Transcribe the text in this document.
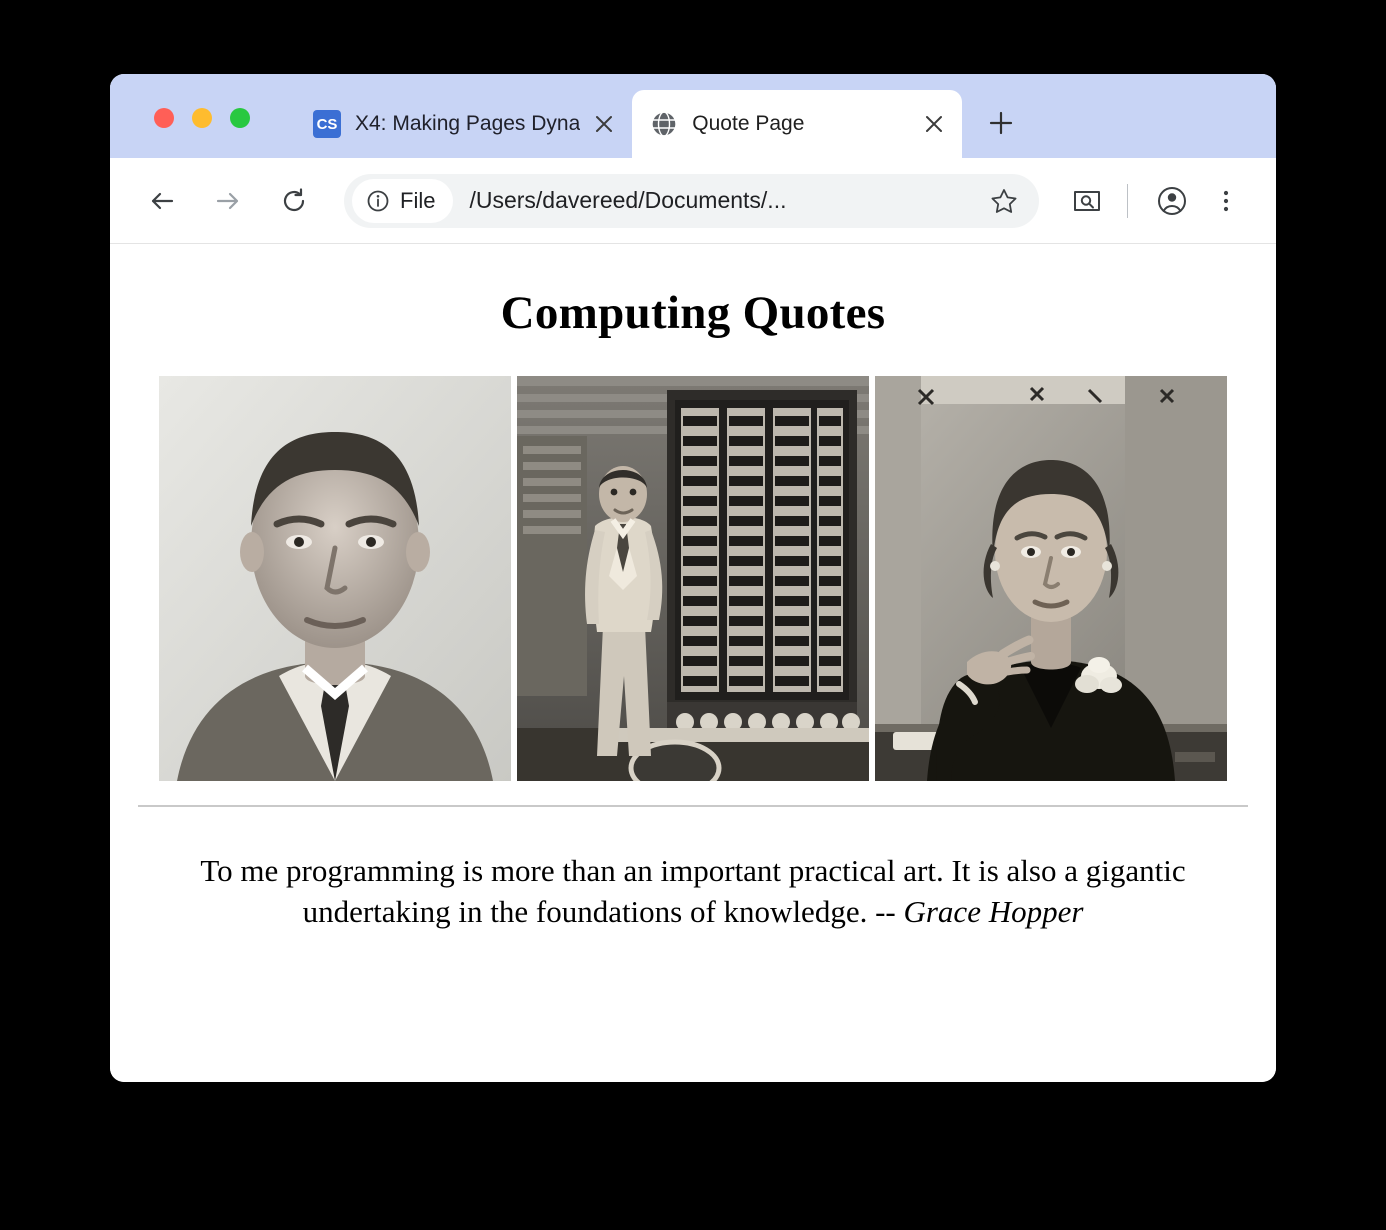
CS X4: Making Pages Dyna	Quote Page
File /Users/davereed/Documents/...
Computing Quotes

To me programming is more than an important practical art. It is also a gigantic undertaking in the foundations of knowledge. -- Grace Hopper
